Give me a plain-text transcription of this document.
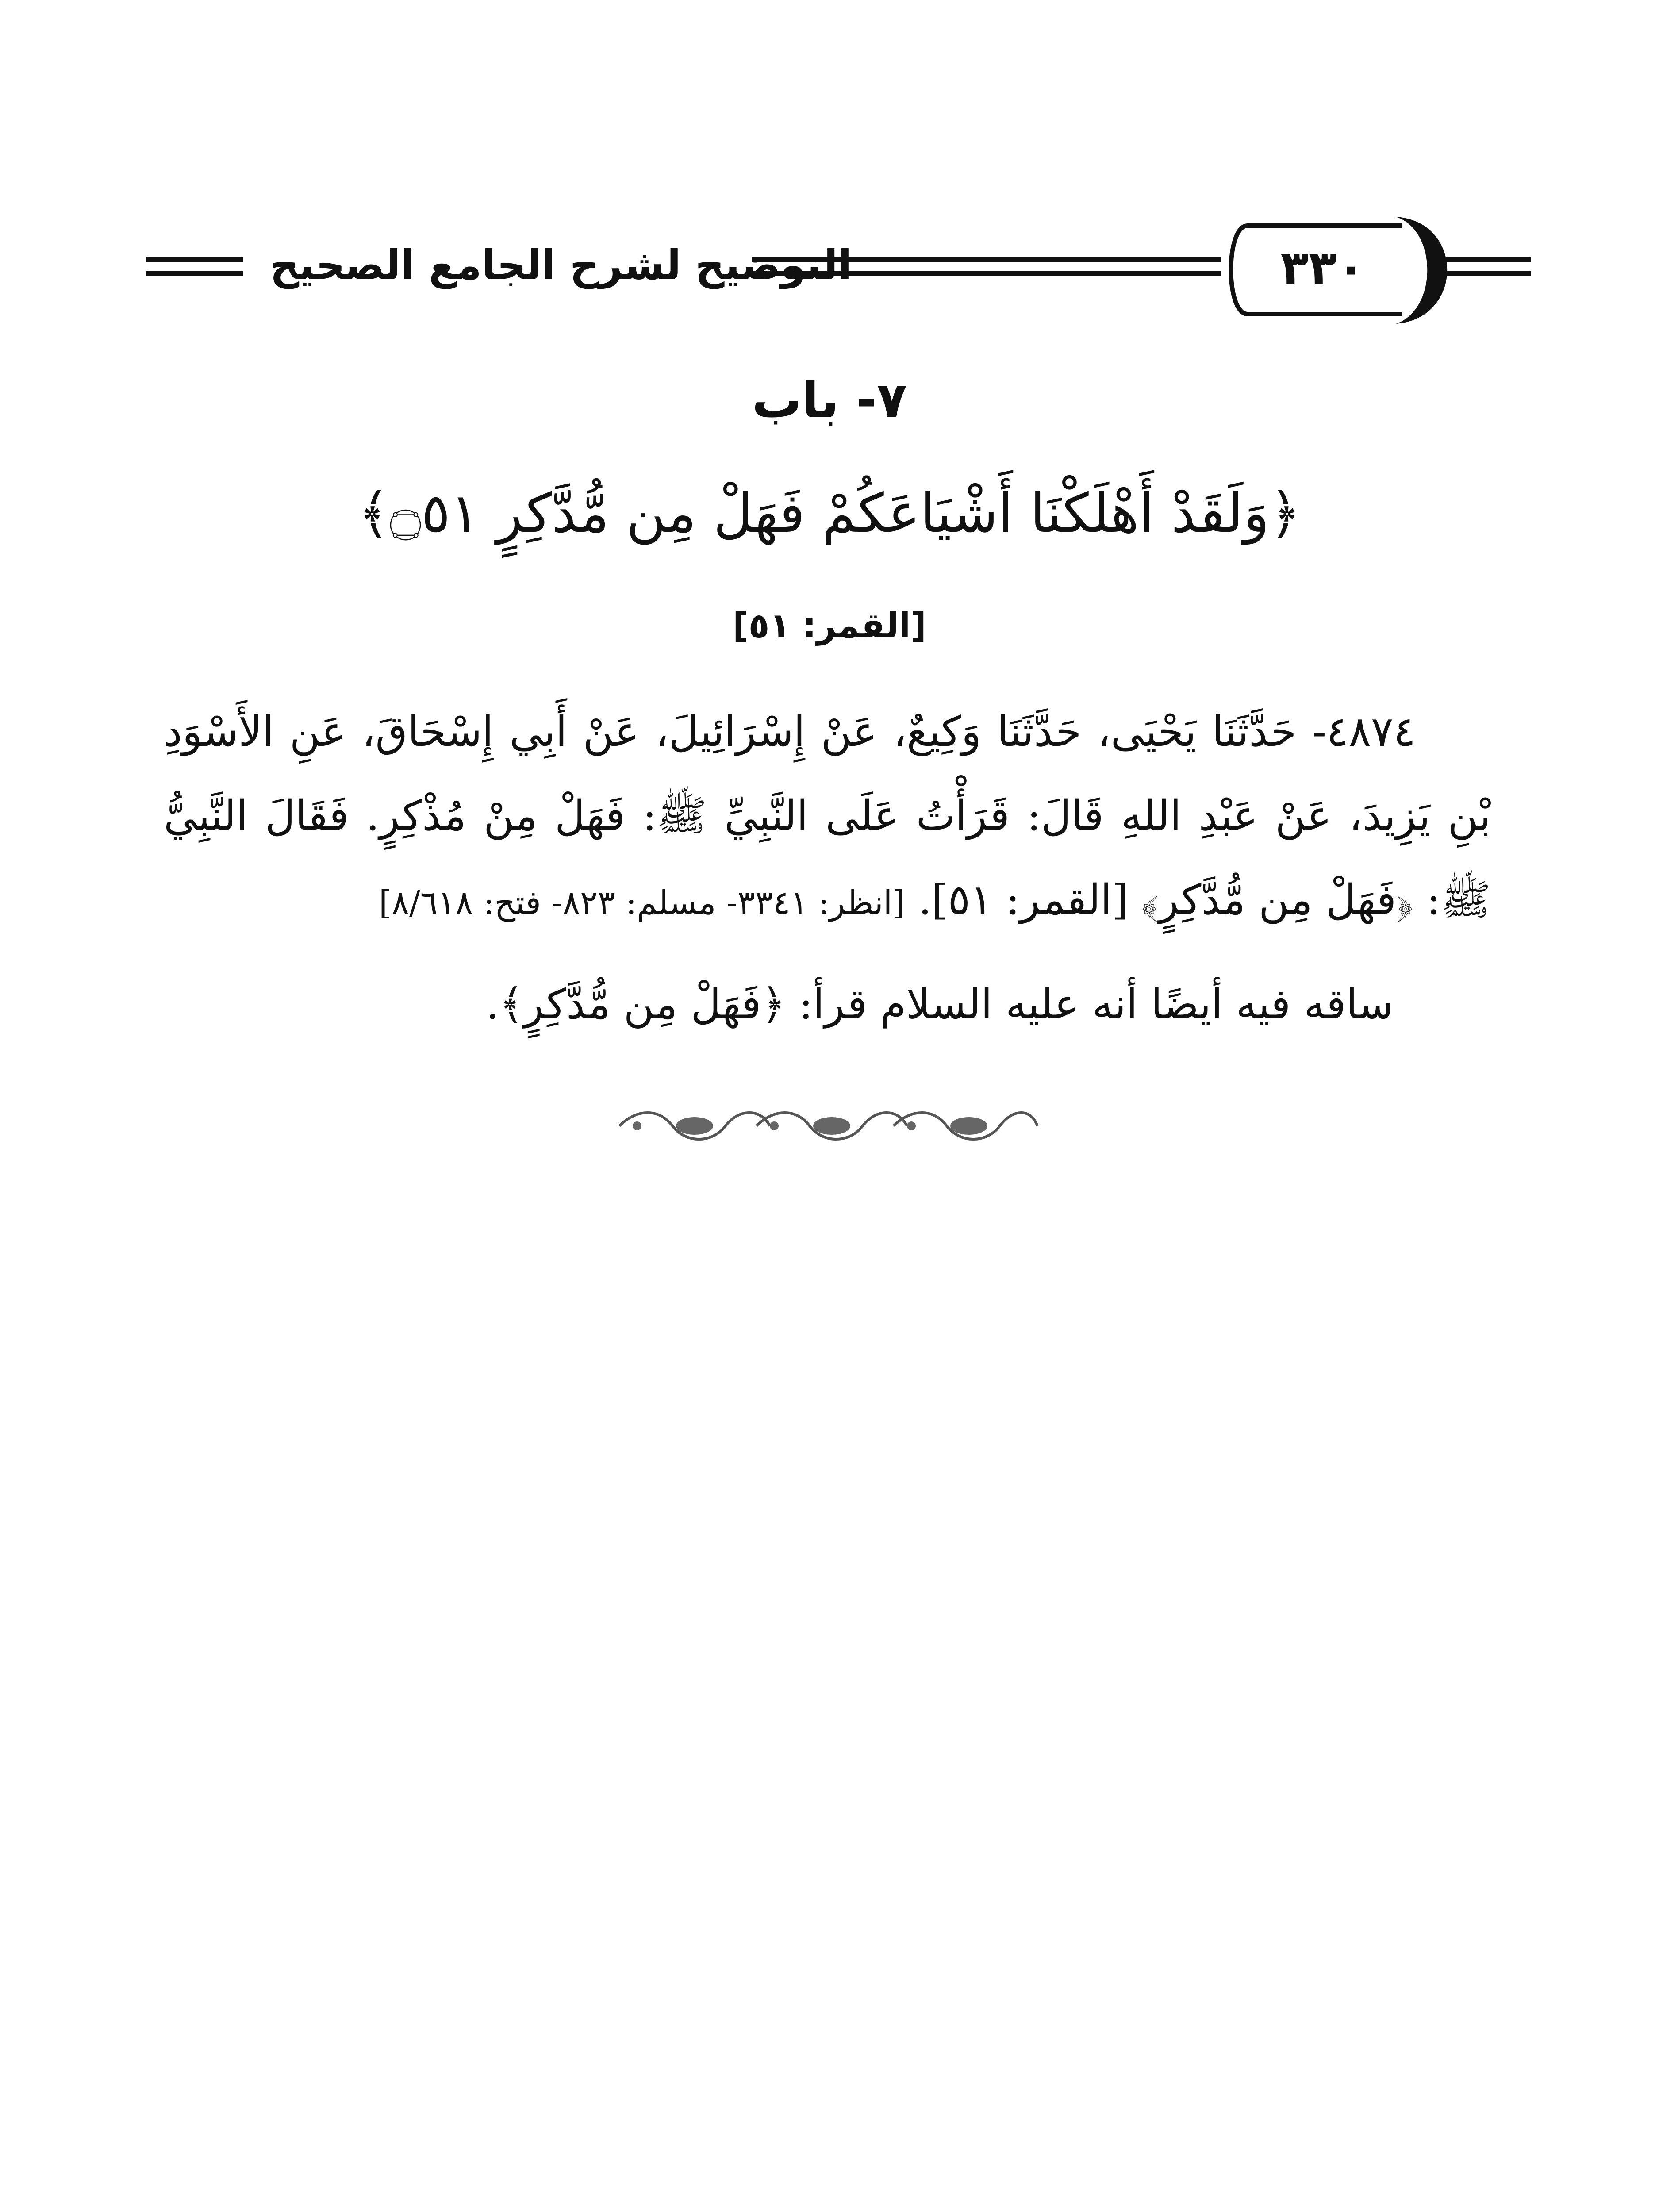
التوضيح لشرح الجامع الصحيح	٣٣٠
٧- باب
﴿وَلَقَدْ أَهْلَكْنَا أَشْيَاعَكُمْ فَهَلْ مِن مُّدَّكِرٍ ۝٥١﴾
[القمر: ٥١]

٤٨٧٤- حَدَّثَنَا يَحْيَى، حَدَّثَنَا وَكِيعٌ، عَنْ إِسْرَائِيلَ، عَنْ أَبِي إِسْحَاقَ، عَنِ الأَسْوَدِ بْنِ يَزِيدَ، عَنْ عَبْدِ اللهِ قَالَ: قَرَأْتُ عَلَى النَّبِيِّ ﷺ: فَهَلْ مِنْ مُذْكِرٍ. فَقَالَ النَّبِيُّ ﷺ: ﴿فَهَلْ مِن مُّدَّكِرٍ﴾ [القمر: ٥١]. [انظر: ٣٣٤١- مسلم: ٨٢٣- فتح: ٨/٦١٨]

ساقه فيه أيضًا أنه عليه السلام قرأ: ﴿فَهَلْ مِن مُّدَّكِرٍ﴾.
